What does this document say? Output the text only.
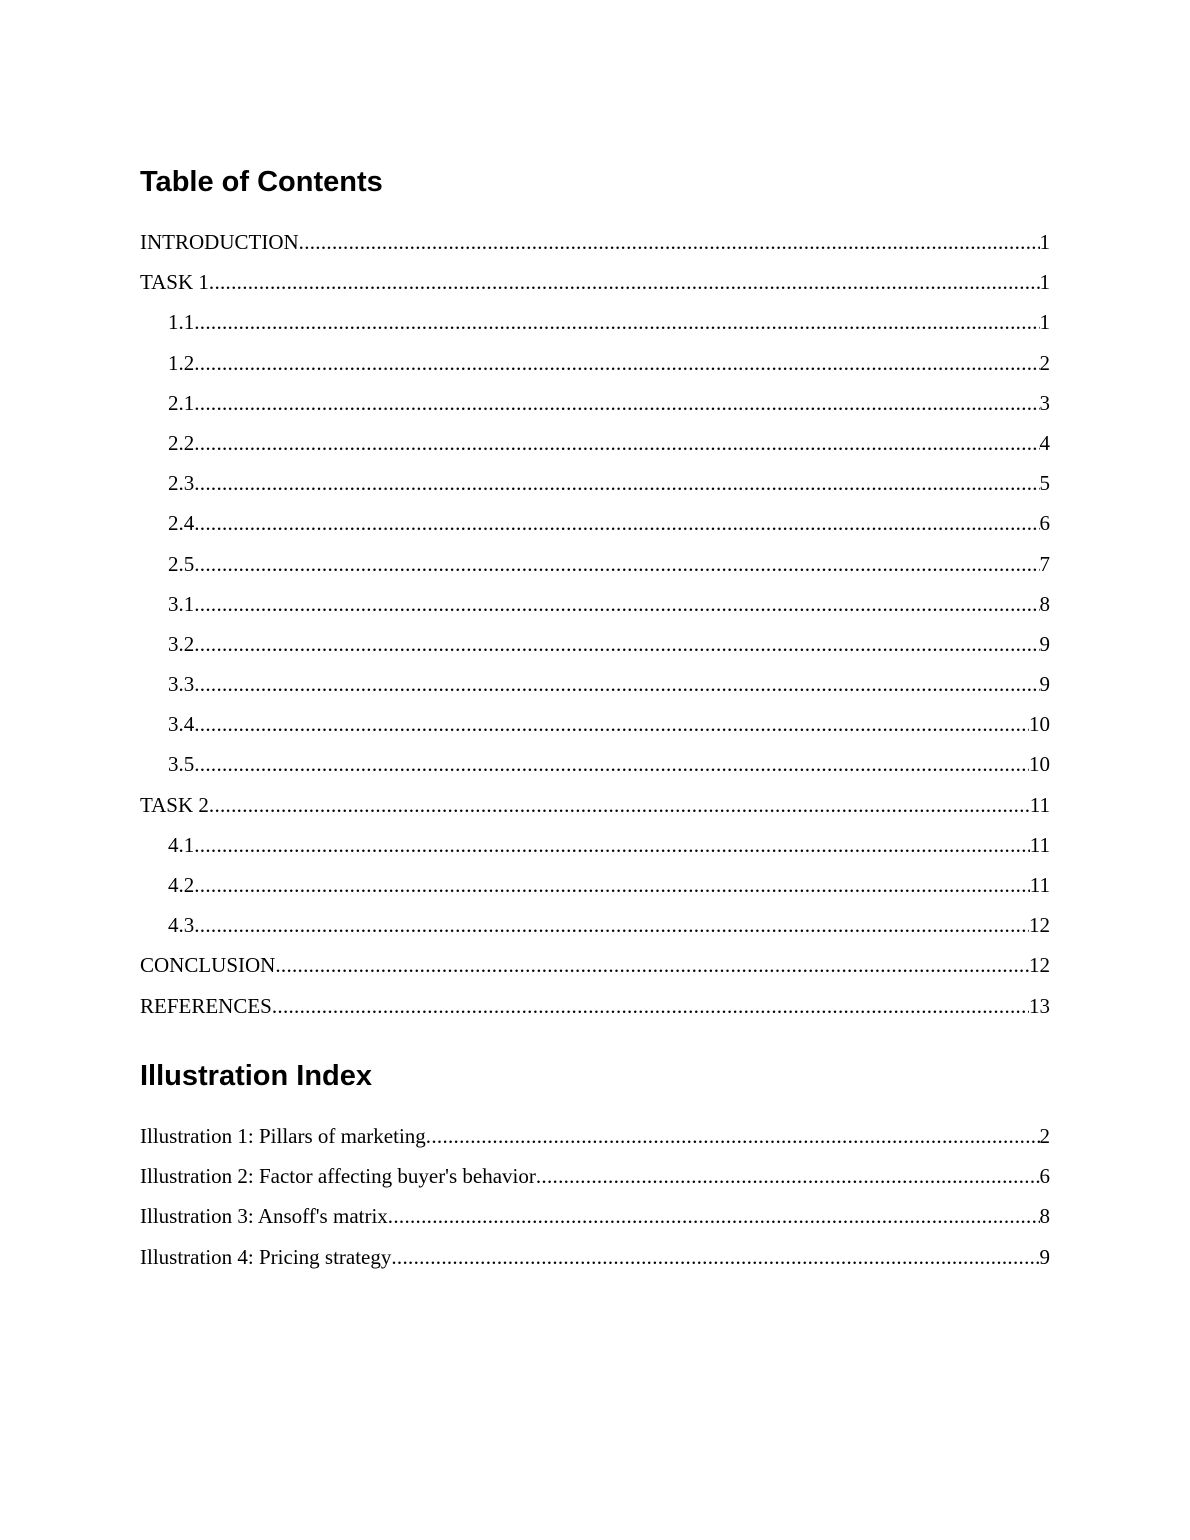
Table of Contents
INTRODUCTION .....	1
TASK 1 .....	1
1.1 .....	1
1.2 .....	2
2.1 .....	3
2.2 .....	4
2.3 .....	5
2.4 .....	6
2.5 .....	7
3.1 .....	8
3.2 .....	9
3.3 .....	9
3.4 .....	10
3.5 .....	10
TASK 2 .....	11
4.1 .....	11
4.2 .....	11
4.3 .....	12
CONCLUSION .....	12
REFERENCES .....	13
Illustration Index
Illustration 1: Pillars of marketing .....	2
Illustration 2: Factor affecting buyer's behavior .....	6
Illustration 3: Ansoff's matrix .....	8
Illustration 4: Pricing strategy .....	9
